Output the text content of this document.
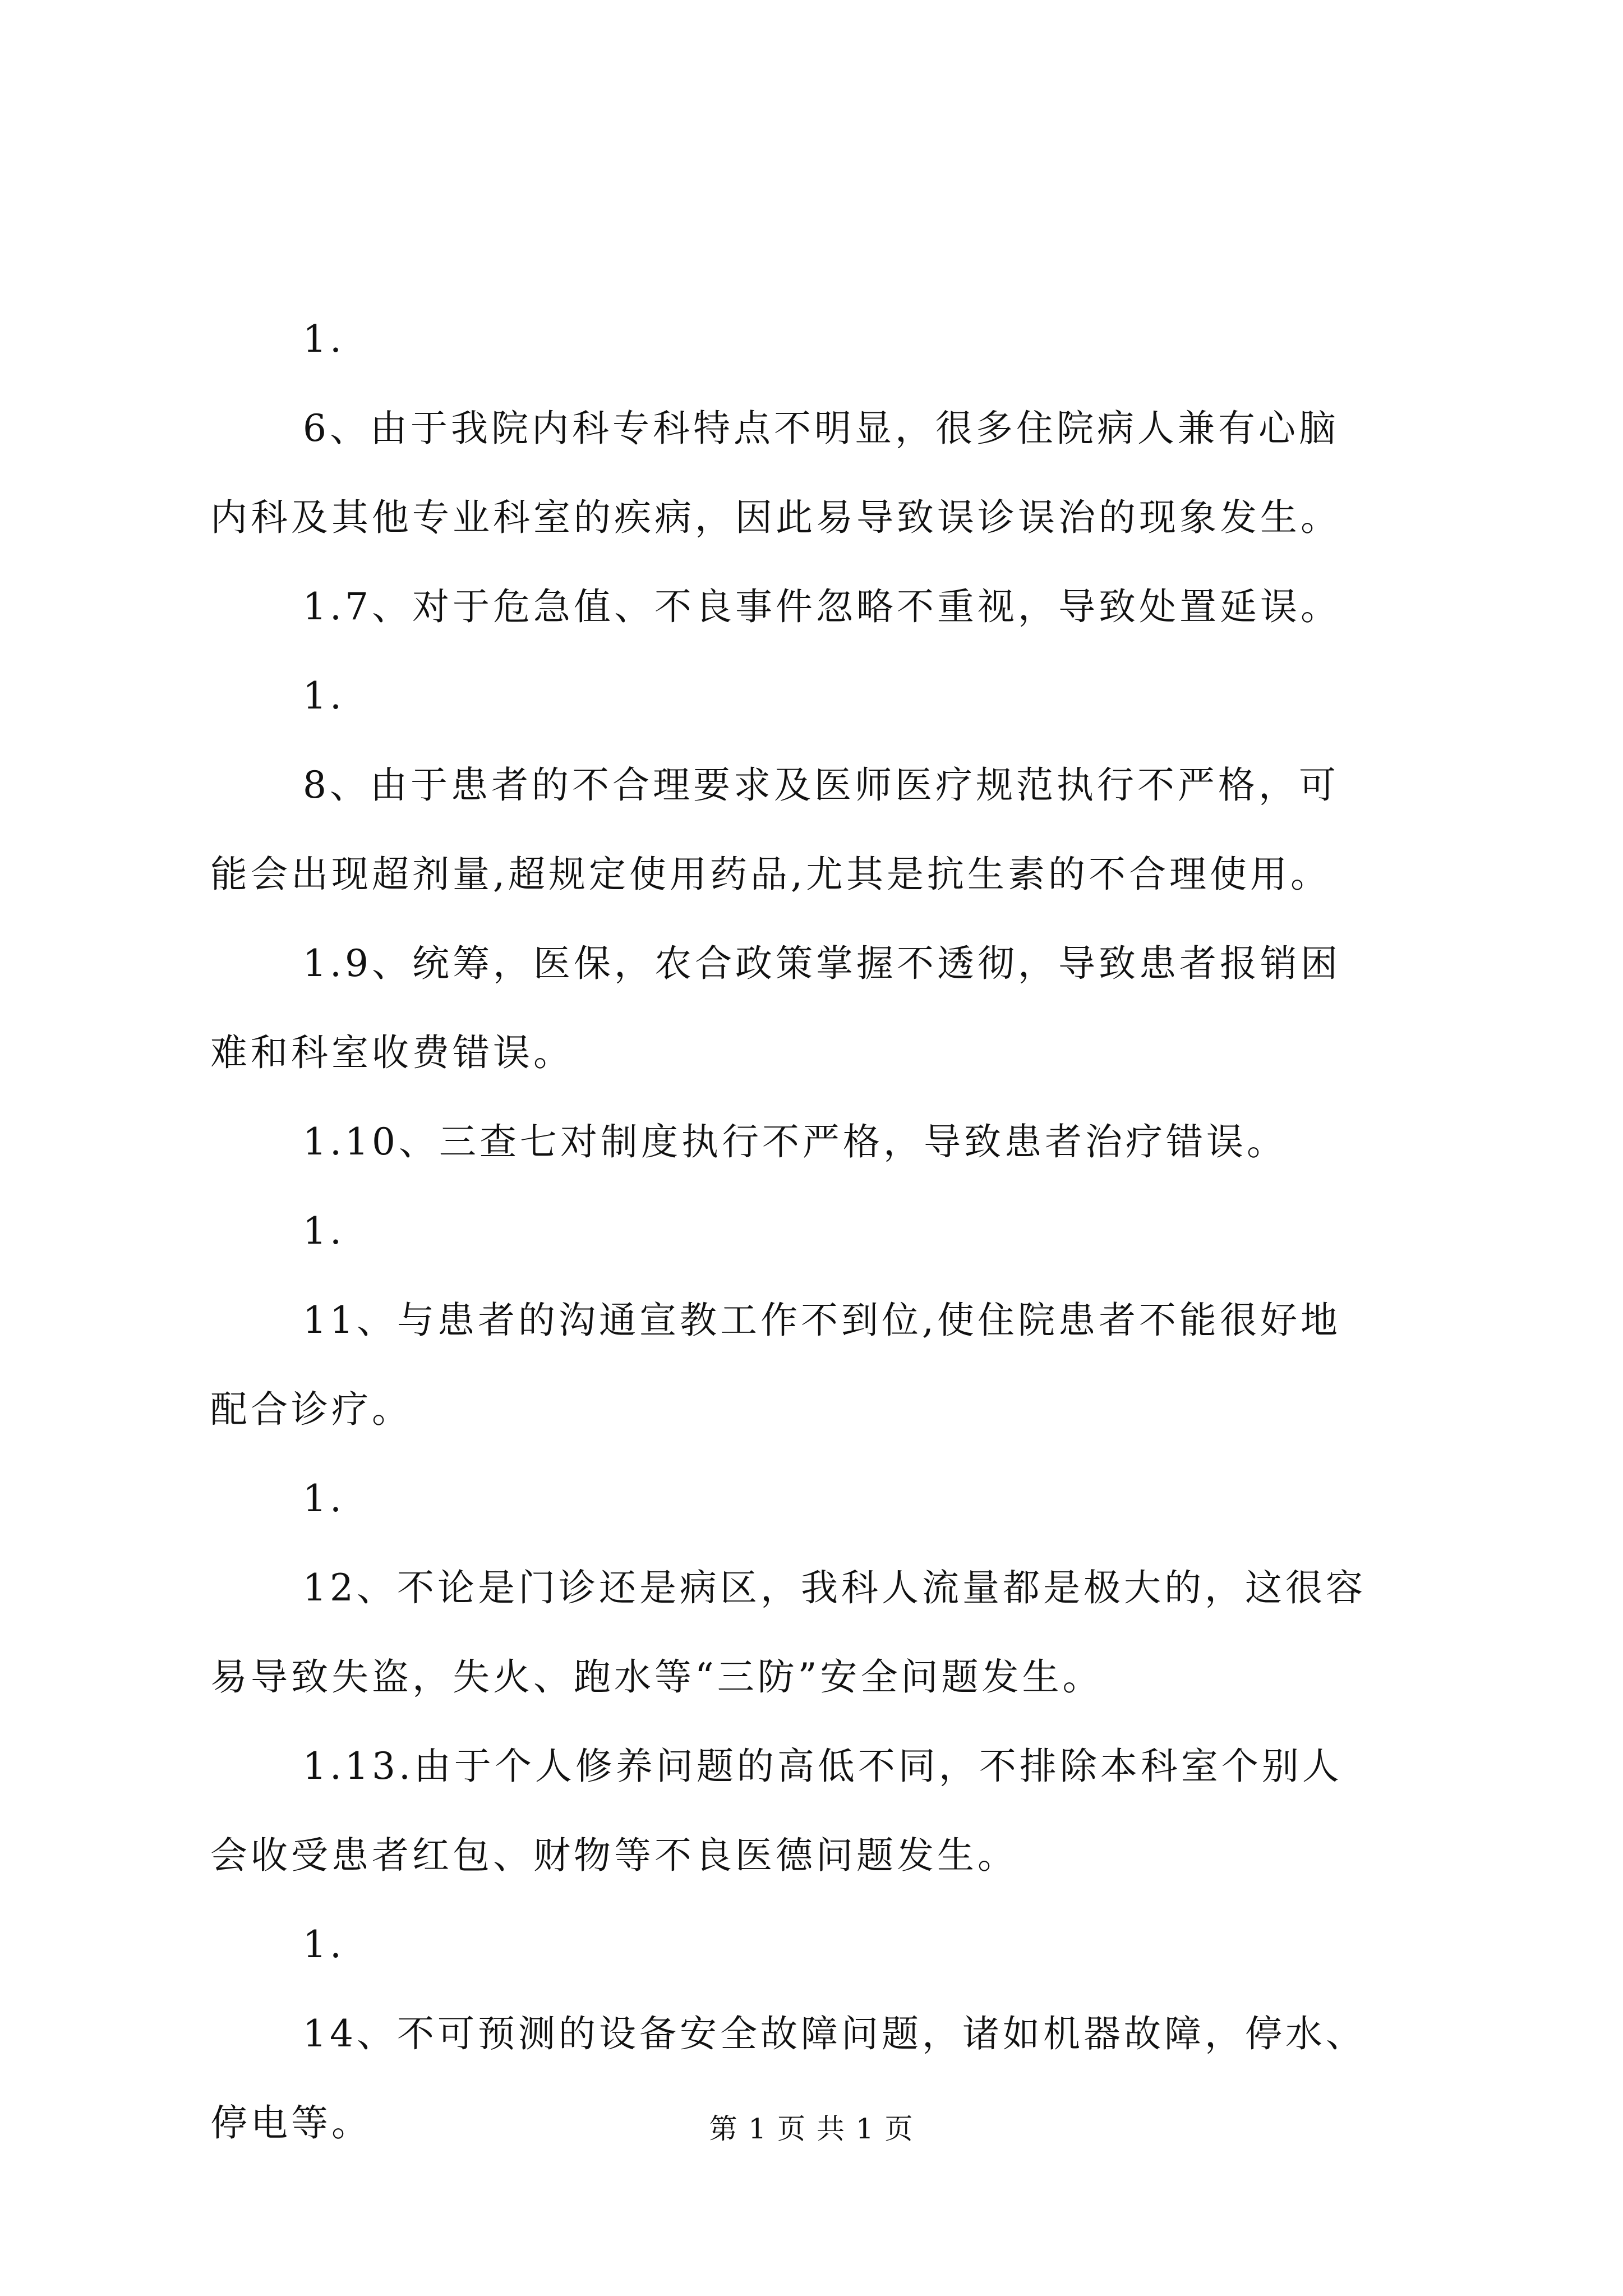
1.
6、由于我院内科专科特点不明显，很多住院病人兼有心脑
内科及其他专业科室的疾病，因此易导致误诊误治的现象发生。
1.7、对于危急值、不良事件忽略不重视，导致处置延误。
1.
8、由于患者的不合理要求及医师医疗规范执行不严格，可
能会出现超剂量,超规定使用药品,尤其是抗生素的不合理使用。
1.9、统筹，医保，农合政策掌握不透彻，导致患者报销困
难和科室收费错误。
1.10、三查七对制度执行不严格，导致患者治疗错误。
1.
11、与患者的沟通宣教工作不到位,使住院患者不能很好地
配合诊疗。
1.
12、不论是门诊还是病区，我科人流量都是极大的，这很容
易导致失盗，失火、跑水等“三防”安全问题发生。
1.13.由于个人修养问题的高低不同，不排除本科室个别人
会收受患者红包、财物等不良医德问题发生。
1.
14、不可预测的设备安全故障问题，诸如机器故障，停水、
停电等。	第 1 页 共 1 页
